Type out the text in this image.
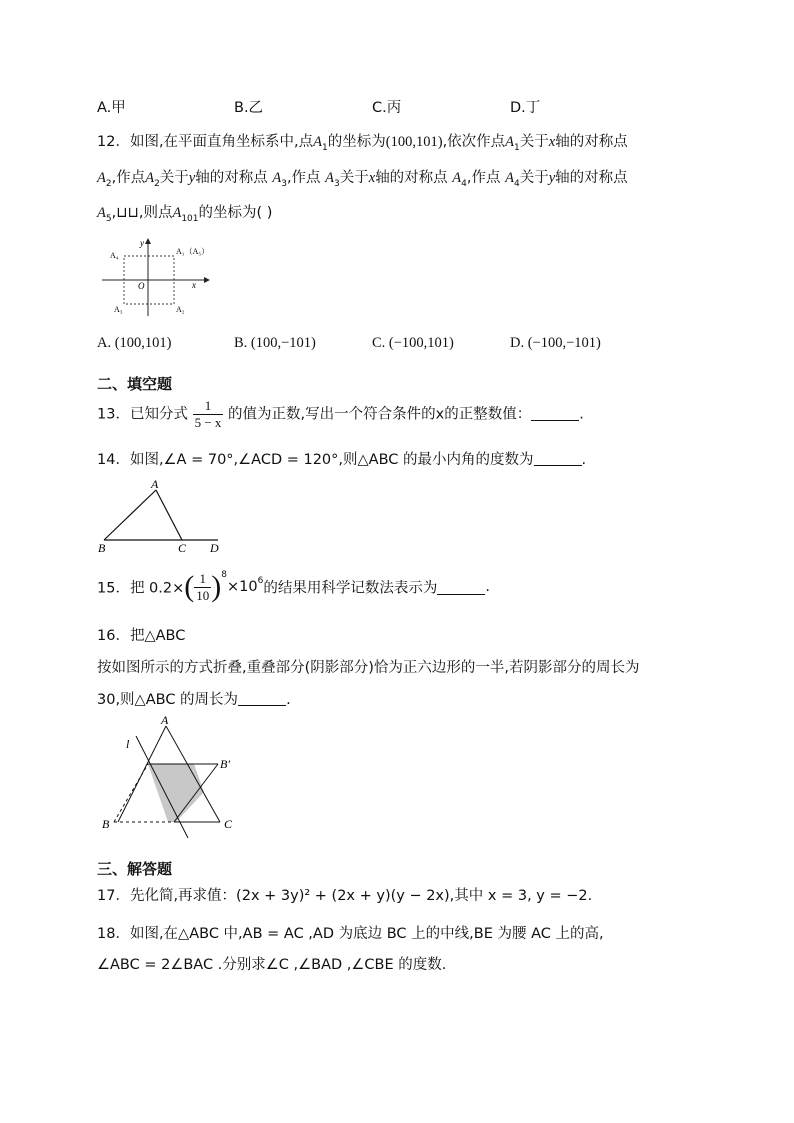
A.甲	B.乙	C.丙	D.丁
12．如图,在平面直角坐标系中,点$A_1$的坐标为(100,101),依次作点$A_1$关于x轴的对称点
$A_2$,作点$A_2$关于y轴的对称点 $A_3$,作点 $A_3$关于x轴的对称点 $A_4$,作点 $A_4$关于y轴的对称点
$A_5,⊔⊔$,则点$A_{101}$的坐标为( )
y
x
O
A₁（A₅）
A₄
A₃	A₂
A. (100,101)	B. (100,−101)	C. (−100,101)	D. (−100,−101)
二、填空题
13．已知分式 $\frac{1}{5 - x}$ 的值为正数,写出一个符合条件的x的正整数值：	.
14．如图,∠A = 70°,∠ACD = 120°,则△ABC 的最小内角的度数为	.
A
B	C D
15．把 $0.2\times( \frac{1}{10} )^8\times 10^6$的结果用科学记数法表示为	.
16．把△ABC
按如图所示的方式折叠,重叠部分(阴影部分)恰为正六边形的一半,若阴影部分的周长为
30,则△ABC 的周长为	.
A
l
B′
B	C
三、解答题
17．先化简,再求值：(2x + 3y)² + (2x + y)(y − 2x),其中 x = 3, y = −2.
18．如图,在△ABC 中,AB = AC ,AD 为底边 BC 上的中线,BE 为腰 AC 上的高,
∠ABC = 2∠BAC .分别求∠C ,∠BAD ,∠CBE 的度数.
